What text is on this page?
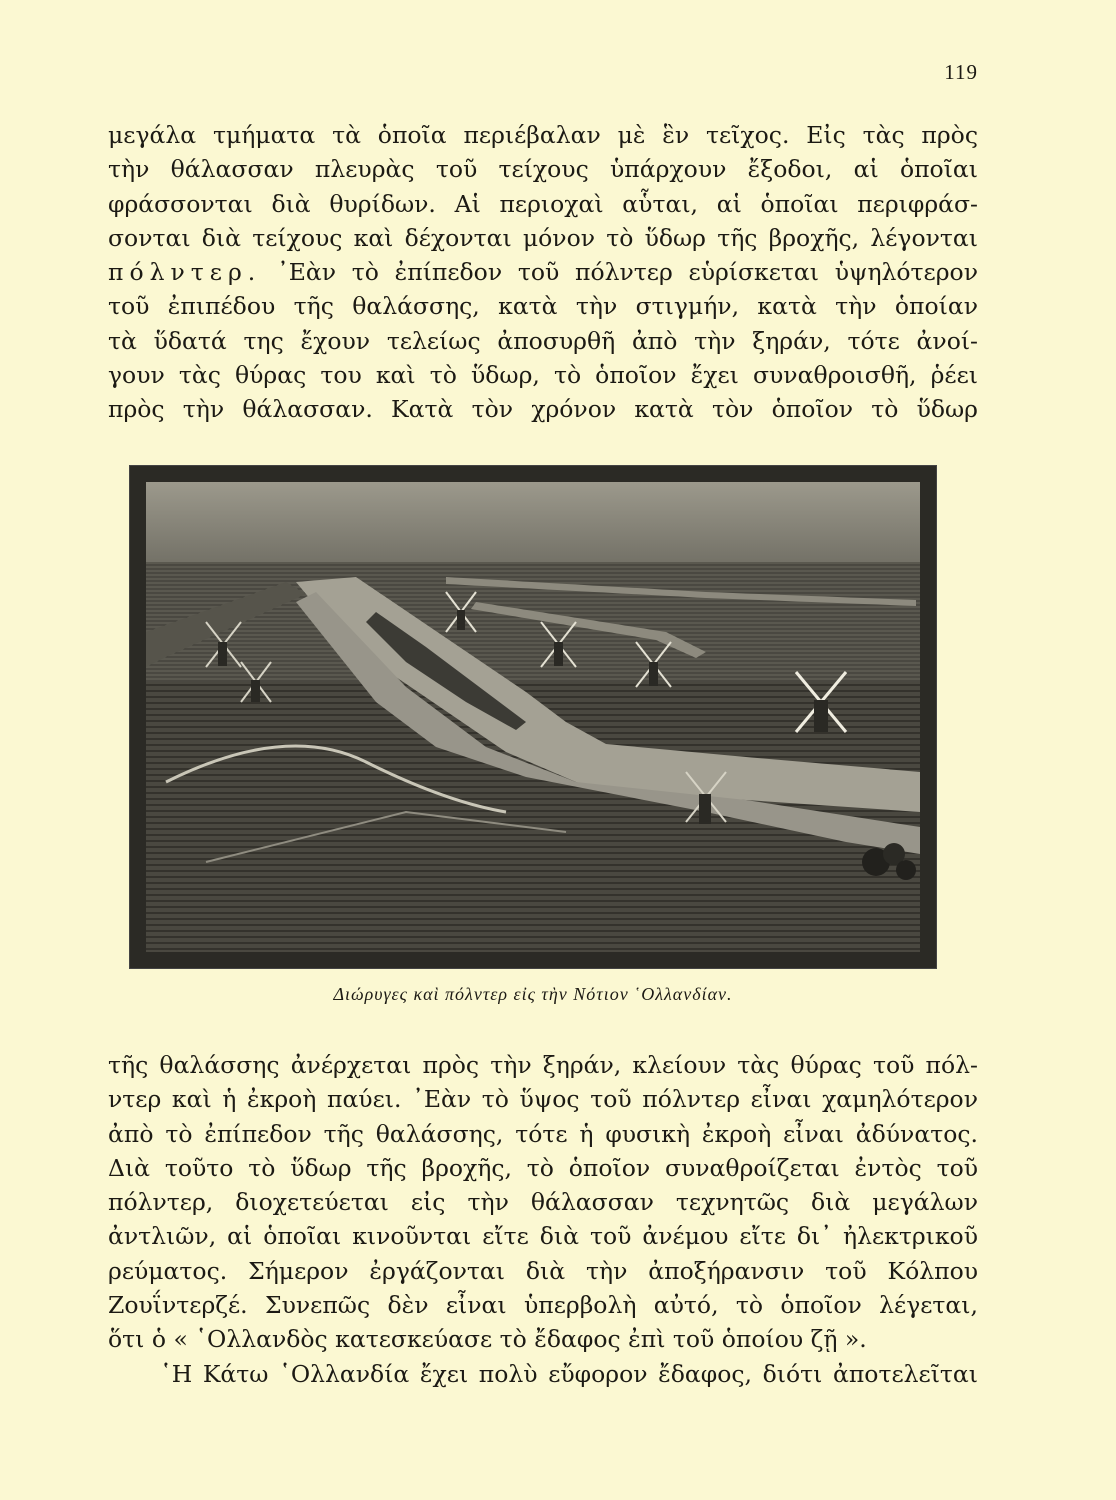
119
μεγάλα τμήματα τὰ ὁποῖα περιέβαλαν μὲ ἓν τεῖχος. Εἰς τὰς πρὸς
τὴν θάλασσαν πλευρὰς τοῦ τείχους ὑπάρχουν ἔξοδοι, αἱ ὁποῖαι
φράσσονται διὰ θυρίδων. Αἱ περιοχαὶ αὗται, αἱ ὁποῖαι περιφράσ-
σονται διὰ τείχους καὶ δέχονται μόνον τὸ ὕδωρ τῆς βροχῆς, λέγονται
πόλντερ. ᾿Εὰν τὸ ἐπίπεδον τοῦ πόλντερ εὑρίσκεται ὑψηλότερον
τοῦ ἐπιπέδου τῆς θαλάσσης, κατὰ τὴν στιγμήν, κατὰ τὴν ὁποίαν
τὰ ὕδατά της ἔχουν τελείως ἀποσυρθῆ ἀπὸ τὴν ξηράν, τότε ἀνοί-
γουν τὰς θύρας του καὶ τὸ ὕδωρ, τὸ ὁποῖον ἔχει συναθροισθῆ, ῥέει
πρὸς τὴν θάλασσαν. Κατὰ τὸν χρόνον κατὰ τὸν ὁποῖον τὸ ὕδωρ
Διώρυγες καὶ πόλντερ εἰς τὴν Νότιον ῾Ολλανδίαν.
τῆς θαλάσσης ἀνέρχεται πρὸς τὴν ξηράν, κλείουν τὰς θύρας τοῦ πόλ-
ντερ καὶ ἡ ἐκροὴ παύει. ᾿Εὰν τὸ ὕψος τοῦ πόλντερ εἶναι χαμηλότερον
ἀπὸ τὸ ἐπίπεδον τῆς θαλάσσης, τότε ἡ φυσικὴ ἐκροὴ εἶναι ἀδύνατος.
Διὰ τοῦτο τὸ ὕδωρ τῆς βροχῆς, τὸ ὁποῖον συναθροίζεται ἐντὸς τοῦ
πόλντερ, διοχετεύεται εἰς τὴν θάλασσαν τεχνητῶς διὰ μεγάλων
ἀντλιῶν, αἱ ὁποῖαι κινοῦνται εἴτε διὰ τοῦ ἀνέμου εἴτε δι᾿ ἠλεκτρικοῦ
ρεύματος. Σήμερον ἐργάζονται διὰ τὴν ἀποξήρανσιν τοῦ Κόλπου
Ζουΐντερζέ. Συνεπῶς δὲν εἶναι ὑπερβολὴ αὐτό, τὸ ὁποῖον λέγεται,
ὅτι ὁ « ῾Ολλανδὸς κατεσκεύασε τὸ ἔδαφος ἐπὶ τοῦ ὁποίου ζῇ ».
῾Η Κάτω ῾Ολλανδία ἔχει πολὺ εὔφορον ἔδαφος, διότι ἀποτελεῖται
